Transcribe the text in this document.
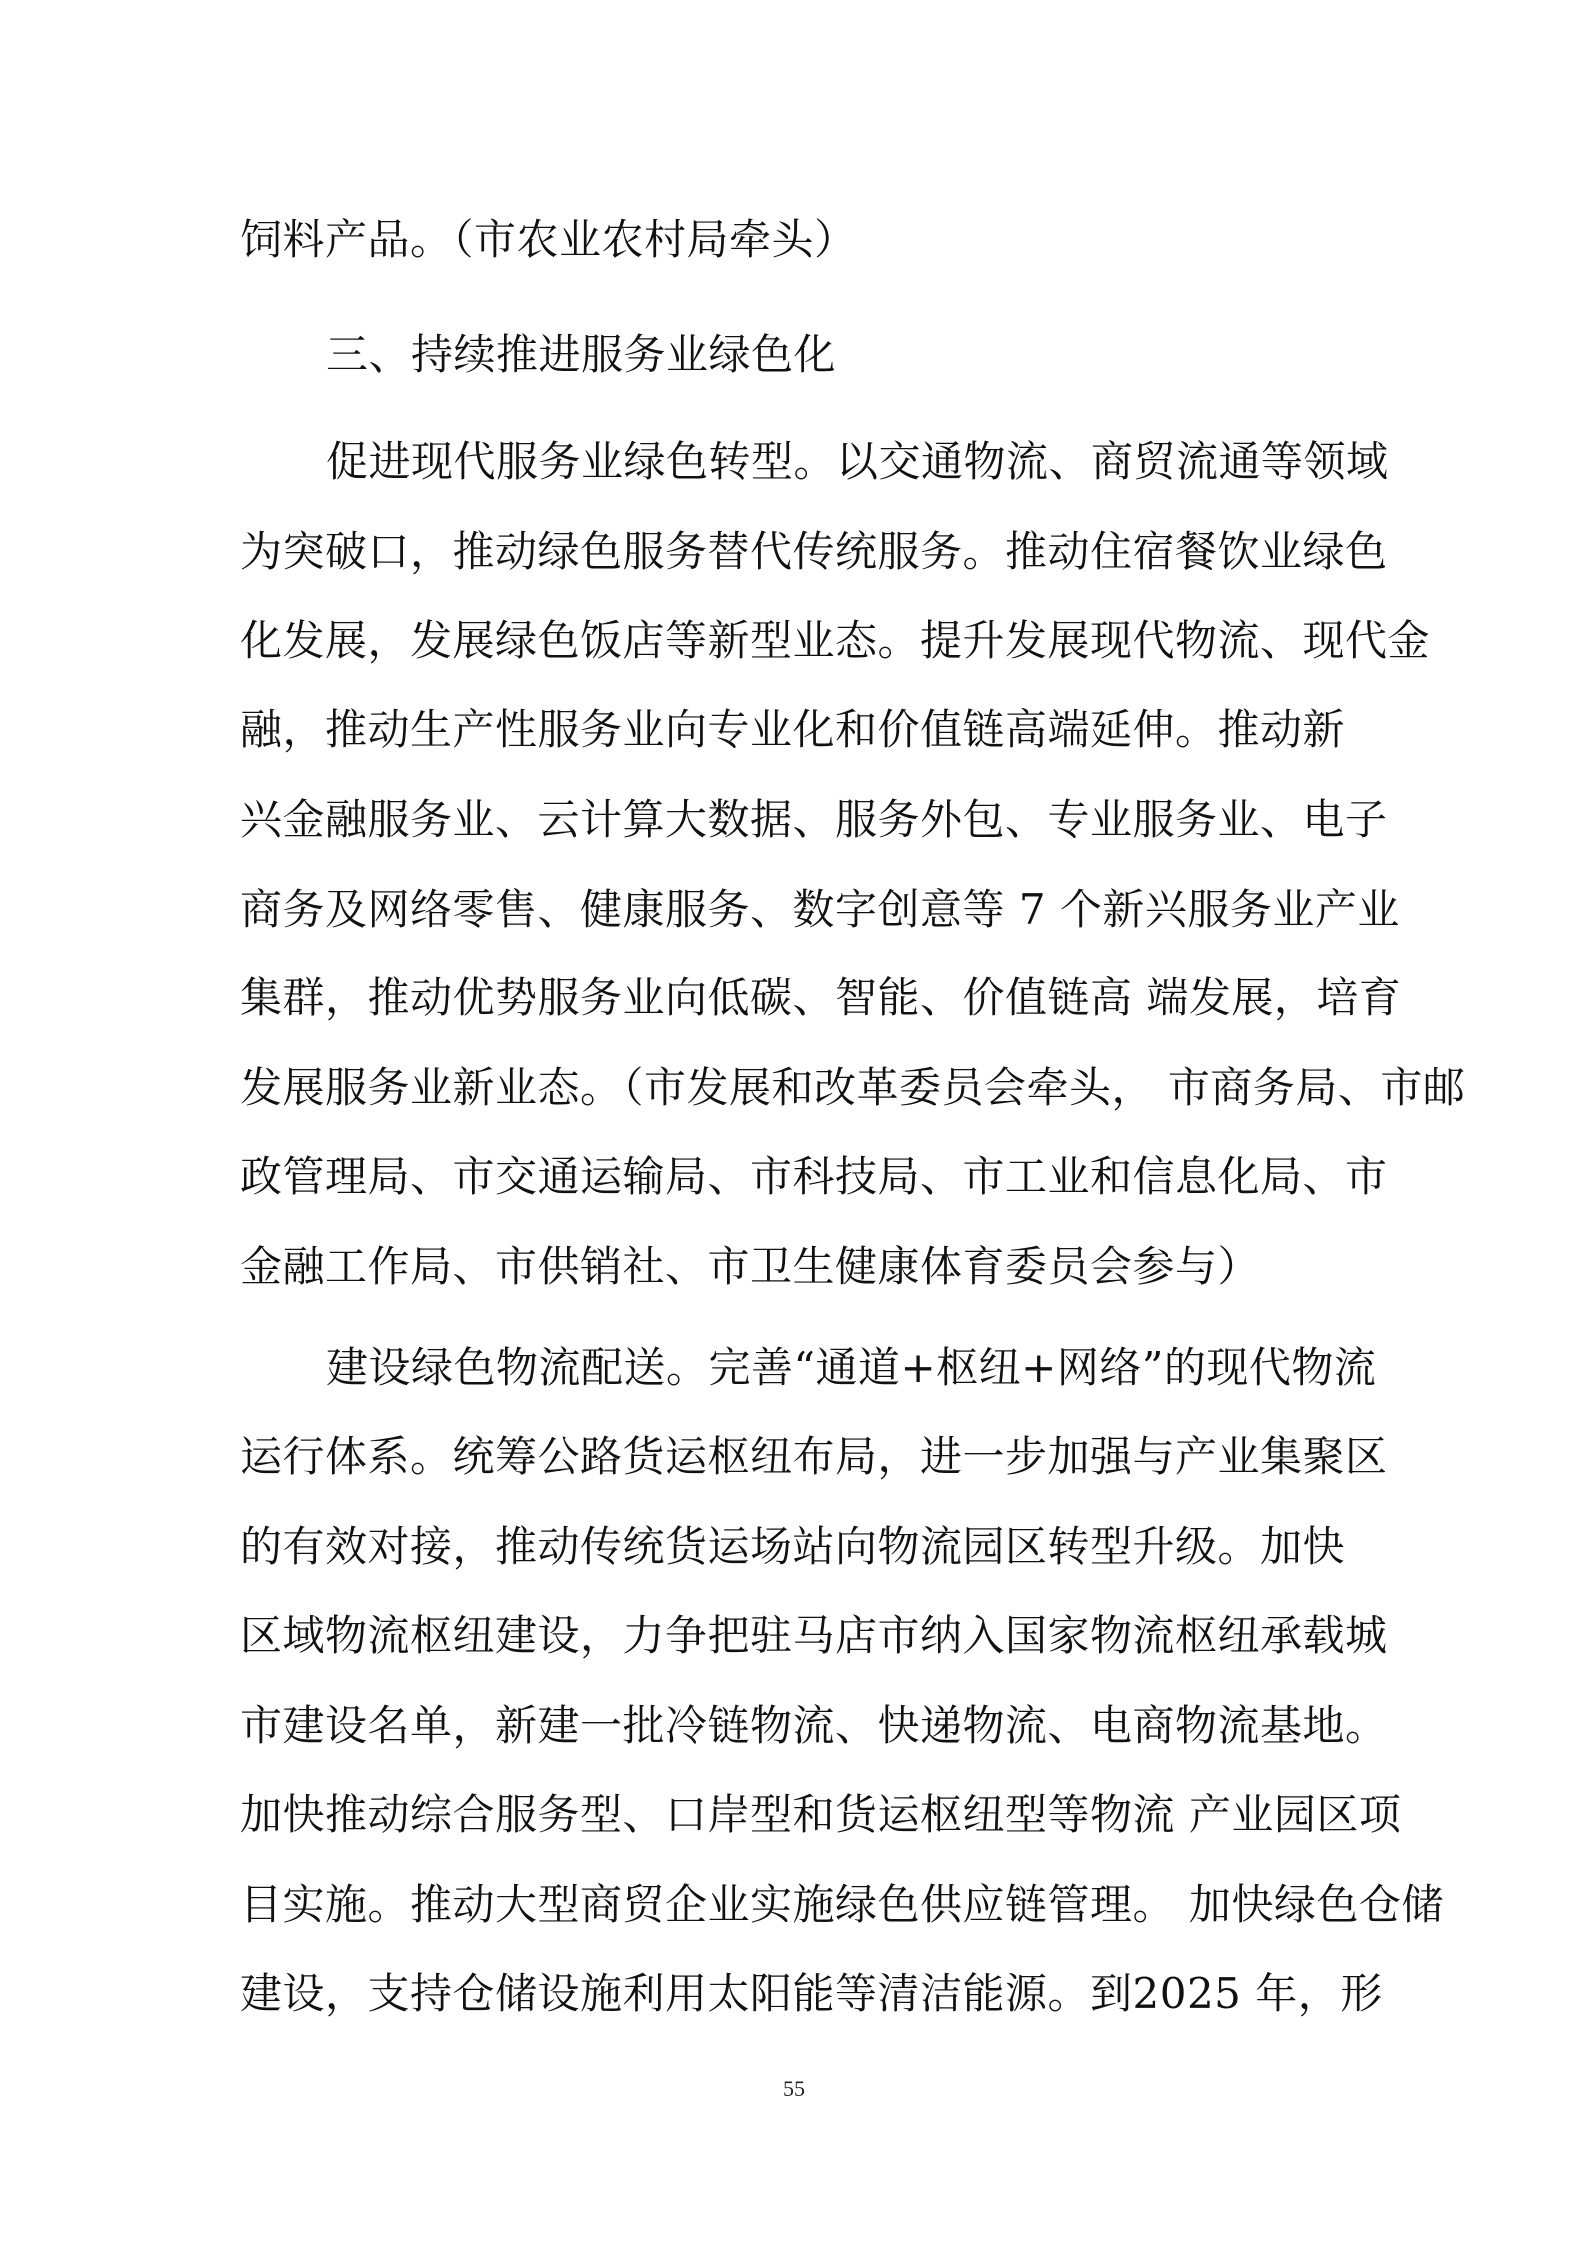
饲料产品。（市农业农村局牵头）
三、持续推进服务业绿色化
促进现代服务业绿色转型。以交通物流、商贸流通等领域
为突破口，推动绿色服务替代传统服务。推动住宿餐饮业绿色
化发展，发展绿色饭店等新型业态。提升发展现代物流、现代金
融，推动生产性服务业向专业化和价值链高端延伸。推动新
兴金融服务业、云计算大数据、服务外包、专业服务业、电子
商务及网络零售、健康服务、数字创意等 7 个新兴服务业产业
集群，推动优势服务业向低碳、智能、价值链高 端发展，培育
发展服务业新业态。（市发展和改革委员会牵头， 市商务局、市邮
政管理局、市交通运输局、市科技局、市工业和信息化局、市
金融工作局、市供销社、市卫生健康体育委员会参与）
建设绿色物流配送。完善“通道+枢纽+网络”的现代物流
运行体系。统筹公路货运枢纽布局，进一步加强与产业集聚区
的有效对接，推动传统货运场站向物流园区转型升级。加快
区域物流枢纽建设，力争把驻马店市纳入国家物流枢纽承载城
市建设名单，新建一批冷链物流、快递物流、电商物流基地。
加快推动综合服务型、口岸型和货运枢纽型等物流 产业园区项
目实施。推动大型商贸企业实施绿色供应链管理。 加快绿色仓储
建设，支持仓储设施利用太阳能等清洁能源。到2025 年，形
55
